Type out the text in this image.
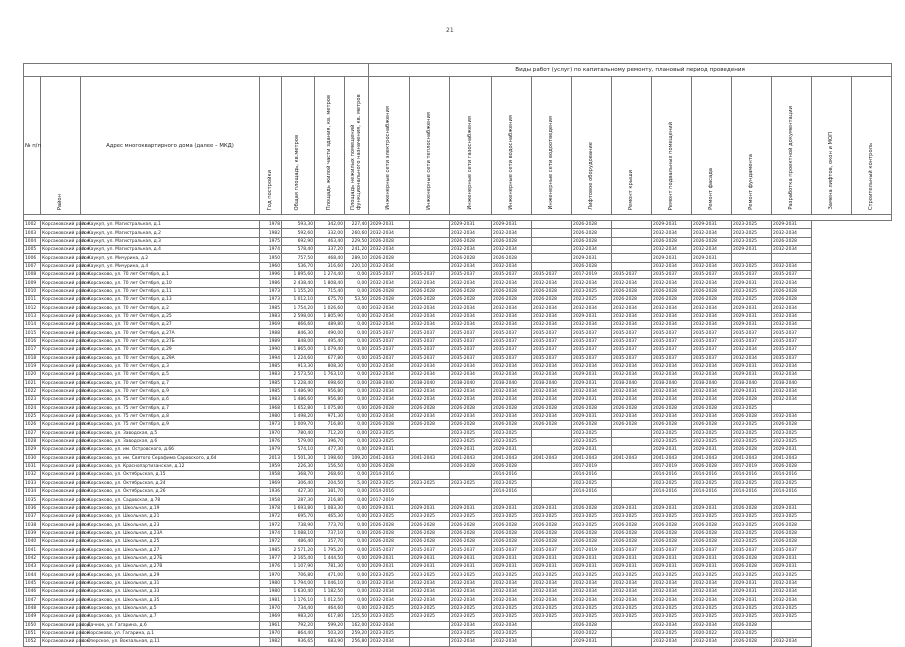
21
							Виды работ (услуг) по капитальному ремонту, плановый период проведения												
№ п/п	Район	Адрес многоквартирного дома (далее – МКД)	Год постройки	Общая площадь, кв.метров	Площадь жилой части здания, кв. метров	Площадь нежилых помещений функционального назначения, кв. метров	Инженерные сети электроснабжения	Инженерные сети теплоснабжения	Инженерные сети газоснабжения	Инженерные сети водоснабжения	Инженерные сети водоотведения	Лифтовое оборудование	Ремонт крыши	Ремонт подвальных помещений	Ремонт фасада	Ремонт фундамента	Разработка проектной документации	Замена лифтов, окон и МОП	Строительный контроль

1002	Корсаковский район	п. Каукуп, ул. Магистральная, д.1	1978	593,30	342,00	227,40	2029-2031		2029-2031	2029-2031		2026-2028		2029-2031	2029-2031	2023-2025	2029-2031		
1003	Корсаковский район	п. Каукуп, ул. Магистральная, д.2	1982	592,60	332,00	260,60	2032-2034		2032-2034	2032-2034		2026-2028		2032-2034	2032-2034	2023-2025	2032-2034		
1004	Корсаковский район	п. Каукуп, ул. Магистральная, д.3	1975	692,90	463,40	229,50	2026-2028		2026-2028	2026-2028		2026-2028		2026-2028	2026-2028	2023-2025	2026-2028		
1005	Корсаковский район	п. Каукуп, ул. Магистральная, д.4	1974	578,40	337,20	241,20	2032-2034		2032-2034	2032-2034		2032-2034		2032-2034	2032-2034	2029-2031	2032-2034		
1006	Корсаковский район	п. Каукуп, ул. Мичурина, д.2	1950	757,50	468,40	289,10	2026-2028		2026-2028	2026-2028		2029-2031		2029-2031	2029-2031				
1007	Корсаковский район	п. Каукуп, ул. Мичурина, д.4	1960	536,70	316,60	220,10	2032-2034		2032-2034	2032-2034		2026-2028		2032-2034	2032-2034	2023-2025	2032-2034		
1008	Корсаковский район	п. Корсаково, ул. 70 лет Октября, д.1	1996	1 895,60	1 274,40	0,00	2035-2037	2035-2037	2035-2037	2035-2037	2035-2037	2017-2019	2035-2037	2035-2037	2035-2037	2035-2037	2035-2037		
1009	Корсаковский район	п. Корсаково, ул. 70 лет Октября, д.10	1986	2 438,40	1 808,40	0,00	2032-2034	2032-2034	2032-2034	2032-2034	2032-2034	2032-2034	2032-2034	2032-2034	2032-2034	2029-2031	2032-2034		
1010	Корсаковский район	п. Корсаково, ул. 70 лет Октября, д.11	1973	1 155,20	715,40	0,00	2026-2028	2026-2028	2026-2028	2026-2028	2026-2028	2023-2025	2026-2028	2026-2028	2026-2028	2023-2025	2026-2028		
1011	Корсаковский район	п. Корсаково, ул. 70 лет Октября, д.13	1973	1 012,10	675,70	53,50	2026-2028	2026-2028	2026-2028	2026-2028	2026-2028	2023-2025	2026-2028	2026-2028	2026-2028	2023-2025	2026-2028		
1012	Корсаковский район	п. Корсаково, ул. 70 лет Октября, д.2	1985	1 754,20	1 026,60	0,00	2032-2034	2032-2034	2032-2034	2032-2034	2032-2034	2032-2034	2032-2034	2032-2034	2032-2034	2029-2031	2032-2034		
1013	Корсаковский район	п. Корсаково, ул. 70 лет Октября, д.25	1983	2 598,00	1 805,90	0,00	2032-2034	2032-2034	2032-2034	2032-2034	2032-2034	2029-2031	2032-2034	2032-2034	2032-2034	2029-2031	2032-2034		
1014	Корсаковский район	п. Корсаково, ул. 70 лет Октября, д.27	1969	866,60	489,80	0,00	2032-2034	2032-2034	2032-2034	2032-2034	2032-2034	2032-2034	2032-2034	2032-2034	2032-2034	2029-2031	2032-2034		
1015	Корсаковский район	п. Корсаково, ул. 70 лет Октября, д.27А	1988	846,30	490,00	0,00	2035-2037	2035-2037	2035-2037	2035-2037	2035-2037	2035-2037	2035-2037	2035-2037	2035-2037	2035-2037	2035-2037		
1016	Корсаковский район	п. Корсаково, ул. 70 лет Октября, д.27Б	1989	848,00	495,40	0,00	2035-2037	2035-2037	2035-2037	2035-2037	2035-2037	2035-2037	2035-2037	2035-2037	2035-2037	2035-2037	2035-2037		
1017	Корсаковский район	п. Корсаково, ул. 70 лет Октября, д.29	1990	1 865,00	1 079,40	0,00	2035-2037	2035-2037	2035-2037	2035-2037	2035-2037	2035-2037	2035-2037	2035-2037	2035-2037	2032-2034	2035-2037		
1018	Корсаковский район	п. Корсаково, ул. 70 лет Октября, д.29А	1994	1 224,60	677,80	0,00	2035-2037	2035-2037	2035-2037	2035-2037	2035-2037	2035-2037	2035-2037	2035-2037	2035-2037	2032-2034	2035-2037		
1019	Корсаковский район	п. Корсаково, ул. 70 лет Октября, д.3	1985	913,30	808,30	0,00	2032-2034	2032-2034	2032-2034	2032-2034	2032-2034	2032-2034	2032-2034	2032-2034	2032-2034	2029-2031	2032-2034		
1020	Корсаковский район	п. Корсаково, ул. 70 лет Октября, д.5	1983	2 573,50	1 763,10	0,00	2032-2034	2032-2034	2032-2034	2032-2034	2032-2034	2029-2031	2032-2034	2032-2034	2032-2034	2029-2031	2032-2034		
1021	Корсаковский район	п. Корсаково, ул. 70 лет Октября, д.7	1985	1 228,40	698,60	0,00	2038-2040	2038-2040	2038-2040	2038-2040	2038-2040	2029-2031	2038-2040	2038-2040	2038-2040	2038-2040	2038-2040		
1022	Корсаковский район	п. Корсаково, ул. 70 лет Октября, д.9	1985	1 486,90	956,80	0,00	2032-2034	2032-2034	2032-2034	2032-2034	2032-2034	2032-2034	2032-2034	2032-2034	2032-2034	2029-2031	2032-2034		
1023	Корсаковский район	п. Корсаково, ул. 75 лет Октября, д.6	1983	1 486,60	956,80	0,00	2032-2034	2032-2034	2032-2034	2032-2034	2032-2034	2029-2031	2032-2034	2032-2034	2032-2034	2026-2028	2032-2034		
1024	Корсаковский район	п. Корсаково, ул. 75 лет Октября, д.7	1968	1 652,80	1 075,80	0,00	2026-2028	2026-2028	2026-2028	2026-2028	2026-2028	2026-2028	2026-2028	2026-2028	2026-2028	2023-2025			
1025	Корсаковский район	п. Корсаково, ул. 75 лет Октября, д.8	1980	1 498,20	971,30	0,00	2032-2034	2032-2034	2032-2034	2032-2034	2032-2034	2029-2031	2032-2034	2032-2034	2032-2034	2026-2028	2032-2034		
1026	Корсаковский район	п. Корсаково, ул. 75 лет Октября, д.9	1973	1 009,70	716,80	0,00	2026-2028	2026-2028	2026-2028	2026-2028	2026-2028	2026-2028	2026-2028	2026-2028	2026-2028	2023-2025	2026-2028		
1027	Корсаковский район	п. Корсаково, ул. Заводская, д.5	1970	780,40	712,20	0,00	2023-2025		2023-2025	2023-2025		2023-2025		2023-2025	2023-2025	2023-2025	2023-2025		
1028	Корсаковский район	п. Корсаково, ул. Заводская, д.6	1976	579,00	396,70	0,00	2023-2025		2023-2025	2023-2025		2023-2025		2023-2025	2023-2025	2023-2025	2023-2025		
1029	Корсаковский район	п. Корсаково, ул. им. Островского, д.66	1979	574,10	477,30	0,00	2029-2031		2029-2031	2029-2031		2029-2031		2029-2031	2029-2031	2026-2028	2029-2031		
1030	Корсаковский район	п. Корсаково, ул. им. Святого Серафима Саровского, д.64	2013	1 501,30	1 198,60	109,20	2041-2043	2041-2043	2041-2043	2041-2043	2041-2043	2041-2043	2041-2043	2041-2043	2041-2043	2041-2043	2041-2043		
1031	Корсаковский район	п. Корсаково, ул. Краснопартизанская, д.12	1959	226,30	156,50	0,00	2026-2028		2026-2028	2026-2028		2017-2019		2017-2019	2026-2028	2017-2019	2026-2028		
1032	Корсаковский район	п. Корсаково, ул. Октябрьская, д.15	1958	368,70	268,60	0,00	2014-2016			2014-2016		2014-2016		2014-2016	2014-2016	2014-2016	2014-2016		
1033	Корсаковский район	п. Корсаково, ул. Октябрьская, д.24	1969	306,40	204,50	5,00	2023-2025	2023-2025	2023-2025	2023-2025		2023-2025		2023-2025	2023-2025	2023-2025	2023-2025		
1034	Корсаковский район	п. Корсаково, ул. Октябрьская, д.26	1936	427,30	381,70	0,00	2014-2016			2014-2016		2014-2016		2014-2016	2014-2016	2014-2016	2014-2016		
1035	Корсаковский район	п. Корсаково, ул. Садовская, д.78	1958	287,30	216,80	0,00	2017-2019												
1036	Корсаковский район	п. Корсаково, ул. Школьная, д.19	1978	1 693,80	1 083,30	0,00	2029-2031	2029-2031	2029-2031	2029-2031	2029-2031	2026-2028	2029-2031	2029-2031	2029-2031	2026-2028	2029-2031		
1037	Корсаковский район	п. Корсаково, ул. Школьная, д.21	1972	695,70	465,30	0,00	2023-2025	2023-2025	2023-2025	2023-2025	2023-2025	2023-2025	2023-2025	2023-2025	2023-2025	2023-2025	2023-2025		
1038	Корсаковский район	п. Корсаково, ул. Школьная, д.23	1972	738,90	773,70	0,00	2026-2028	2026-2028	2026-2028	2026-2028	2026-2028	2023-2025	2026-2028	2026-2028	2026-2028	2023-2025	2026-2028		
1039	Корсаковский район	п. Корсаково, ул. Школьная, д.23А	1974	1 088,10	737,10	0,00	2026-2028	2026-2028	2026-2028	2026-2028	2026-2028	2026-2028	2026-2028	2026-2028	2026-2028	2023-2025	2026-2028		
1040	Корсаковский район	п. Корсаково, ул. Школьная, д.25	1972	486,40	357,70	0,00	2026-2028	2026-2028	2026-2028	2026-2028	2026-2028	2026-2028	2026-2028	2026-2028	2026-2028	2023-2025	2026-2028		
1041	Корсаковский район	п. Корсаково, ул. Школьная, д.27	1985	2 571,20	1 795,20	0,00	2035-2037	2035-2037	2035-2037	2035-2037	2035-2037	2017-2019	2035-2037	2035-2037	2035-2037	2035-2037	2035-2037		
1042	Корсаковский район	п. Корсаково, ул. Школьная, д.27Б	1977	2 165,40	1 444,50	0,00	2029-2031	2029-2031	2029-2031	2029-2031	2029-2031	2029-2031	2029-2031	2029-2031	2029-2031	2026-2028	2029-2031		
1043	Корсаковский район	п. Корсаково, ул. Школьная, д.27В	1976	1 107,90	781,30	0,00	2029-2031	2029-2031	2029-2031	2029-2031	2029-2031	2029-2031	2029-2031	2029-2031	2029-2031	2026-2028	2029-2031		
1044	Корсаковский район	п. Корсаково, ул. Школьная, д.29	1970	706,80	471,00	0,00	2023-2025	2023-2025	2023-2025	2023-2025	2023-2025	2023-2025	2023-2025	2023-2025	2023-2025	2023-2025	2023-2025		
1045	Корсаковский район	п. Корсаково, ул. Школьная, д.31	1980	1 794,00	1 046,10	0,00	2032-2034	2032-2034	2032-2034	2032-2034	2032-2034	2032-2034	2032-2034	2032-2034	2032-2034	2029-2031	2032-2034		
1046	Корсаковский район	п. Корсаково, ул. Школьная, д.33	1980	1 630,40	1 182,50	0,00	2032-2034	2032-2034	2032-2034	2032-2034	2032-2034	2032-2034	2032-2034	2032-2034	2032-2034	2029-2031	2032-2034		
1047	Корсаковский район	п. Корсаково, ул. Школьная, д.35	1981	1 176,10	1 012,50	0,00	2032-2034	2032-2034	2032-2034	2032-2034	2032-2034	2032-2034	2032-2034	2032-2034	2032-2034	2029-2031	2032-2034		
1048	Корсаковский район	п. Корсаково, ул. Школьная, д.5	1970	734,40	464,60	0,00	2023-2025	2023-2025	2023-2025	2023-2025	2023-2025	2023-2025	2023-2025	2023-2025	2023-2025	2023-2025	2023-2025		
1049	Корсаковский район	п. Корсаково, ул. Школьная, д.7	1969	983,20	617,80	125,50	2023-2025	2023-2025	2023-2025	2023-2025	2023-2025	2023-2025	2023-2025	2023-2025	2023-2025	2023-2025	2023-2025		
1050	Корсаковский район	с. Дачное, ул. Гагарина, д.6	1961	792,20	599,20	162,00	2032-2034		2032-2034	2032-2034		2026-2028		2032-2034	2032-2034	2026-2028			
1051	Корсаковский район	с. Корсаково, ул. Гагарина, д.1	1970	864,40	503,20	259,20	2023-2025		2023-2025	2023-2025		2020-2022		2023-2025	2020-2022	2023-2025			
1052	Корсаковский район	с. Озерское, ул. Вокзальная, д.11	1982	936,65	683,90	256,80	2032-2034		2032-2034	2032-2034		2029-2031		2032-2034	2032-2034	2026-2028	2032-2034		
